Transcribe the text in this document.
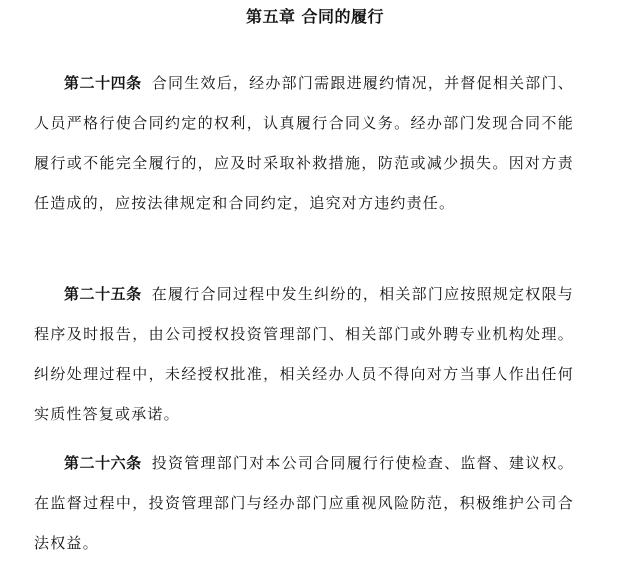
第五章 合同的履行

第二十四条 合同生效后，经办部门需跟进履约情况，并督促相关部门、人员严格行使合同约定的权利，认真履行合同义务。经办部门发现合同不能履行或不能完全履行的，应及时采取补救措施，防范或减少损失。因对方责任造成的，应按法律规定和合同约定，追究对方违约责任。

第二十五条 在履行合同过程中发生纠纷的，相关部门应按照规定权限与程序及时报告，由公司授权投资管理部门、相关部门或外聘专业机构处理。纠纷处理过程中，未经授权批准，相关经办人员不得向对方当事人作出任何实质性答复或承诺。

第二十六条 投资管理部门对本公司合同履行行使检查、监督、建议权。在监督过程中，投资管理部门与经办部门应重视风险防范，积极维护公司合法权益。
